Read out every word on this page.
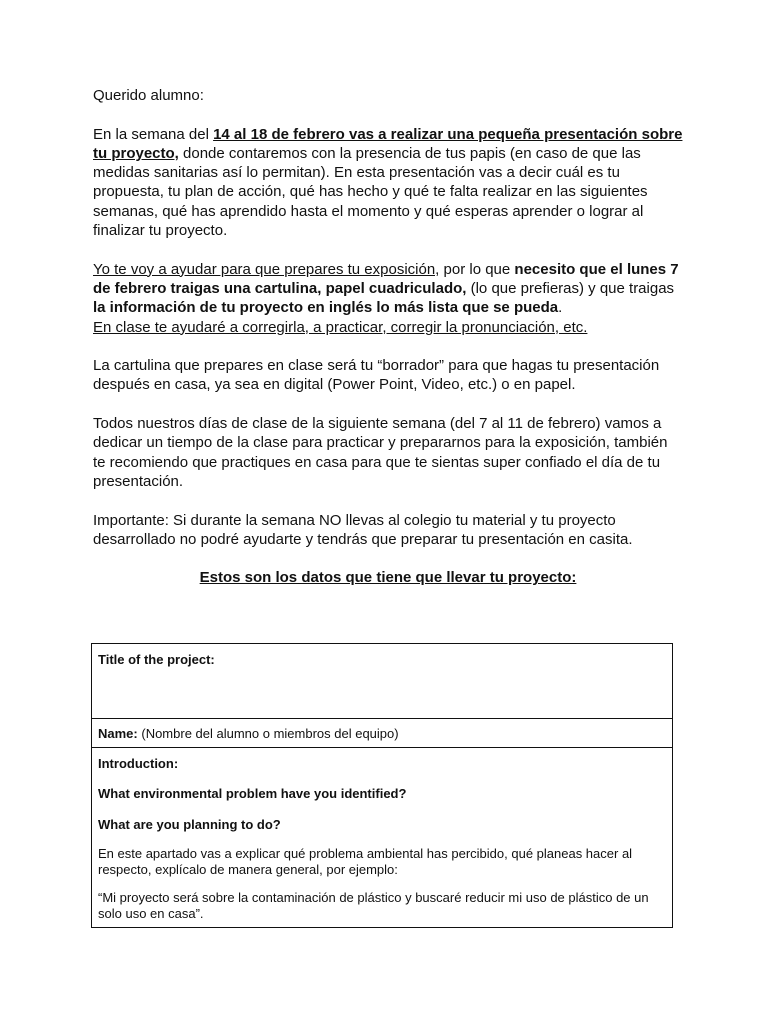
Querido alumno:

En la semana del 14 al 18 de febrero vas a realizar una pequeña presentación sobre tu proyecto, donde contaremos con la presencia de tus papis (en caso de que las medidas sanitarias así lo permitan). En esta presentación vas a decir cuál es tu propuesta, tu plan de acción, qué has hecho y qué te falta realizar en las siguientes semanas, qué has aprendido hasta el momento y qué esperas aprender o lograr al finalizar tu proyecto.

Yo te voy a ayudar para que prepares tu exposición, por lo que necesito que el lunes 7 de febrero traigas una cartulina, papel cuadriculado, (lo que prefieras) y que traigas la información de tu proyecto en inglés lo más lista que se pueda.
En clase te ayudaré a corregirla, a practicar, corregir la pronunciación, etc.

La cartulina que prepares en clase será tu “borrador” para que hagas tu presentación después en casa, ya sea en digital (Power Point, Video, etc.) o en papel.

Todos nuestros días de clase de la siguiente semana (del 7 al 11 de febrero) vamos a dedicar un tiempo de la clase para practicar y prepararnos para la exposición, también te recomiendo que practiques en casa para que te sientas super confiado el día de tu presentación.

Importante: Si durante la semana NO llevas al colegio tu material y tu proyecto desarrollado no podré ayudarte y tendrás que preparar tu presentación en casita.

Estos son los datos que tiene que llevar tu proyecto:

Title of the project:
Name: (Nombre del alumno o miembros del equipo)

Introduction:

What environmental problem have you identified?

What are you planning to do?

En este apartado vas a explicar qué problema ambiental has percibido, qué planeas hacer al respecto, explícalo de manera general, por ejemplo:

“Mi proyecto será sobre la contaminación de plástico y buscaré reducir mi uso de plástico de un solo uso en casa”.
